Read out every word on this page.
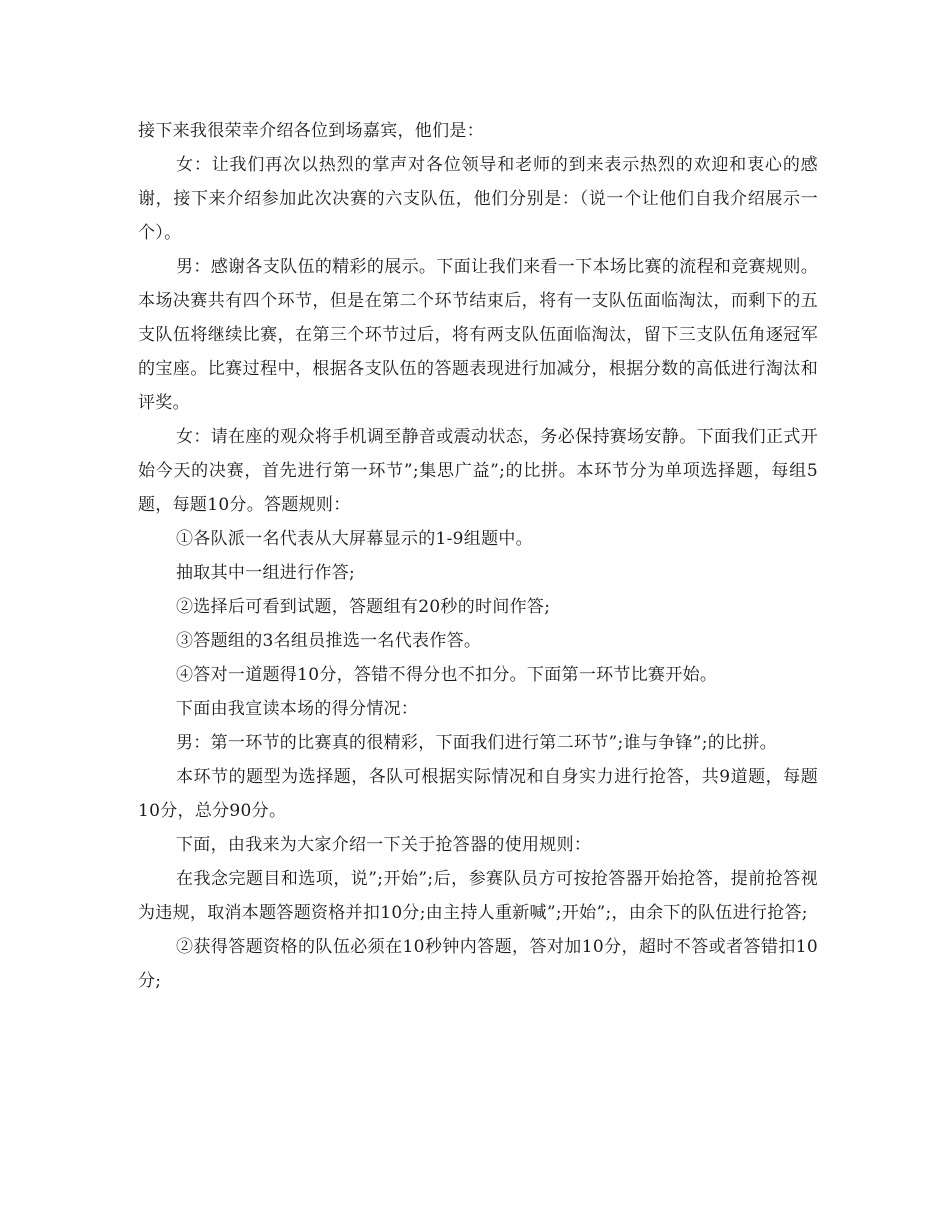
接下来我很荣幸介绍各位到场嘉宾，他们是：

女：让我们再次以热烈的掌声对各位领导和老师的到来表示热烈的欢迎和衷心的感谢，接下来介绍参加此次决赛的六支队伍，他们分别是：（说一个让他们自我介绍展示一个）。

男：感谢各支队伍的精彩的展示。下面让我们来看一下本场比赛的流程和竞赛规则。本场决赛共有四个环节，但是在第二个环节结束后，将有一支队伍面临淘汰，而剩下的五支队伍将继续比赛，在第三个环节过后，将有两支队伍面临淘汰，留下三支队伍角逐冠军的宝座。比赛过程中，根据各支队伍的答题表现进行加减分，根据分数的高低进行淘汰和评奖。

女：请在座的观众将手机调至静音或震动状态，务必保持赛场安静。下面我们正式开始今天的决赛，首先进行第一环节”;集思广益”;的比拼。本环节分为单项选择题，每组5题，每题10分。答题规则：

①各队派一名代表从大屏幕显示的1-9组题中。

抽取其中一组进行作答;

②选择后可看到试题，答题组有20秒的时间作答;

③答题组的3名组员推选一名代表作答。

④答对一道题得10分，答错不得分也不扣分。下面第一环节比赛开始。

下面由我宣读本场的得分情况：

男：第一环节的比赛真的很精彩，下面我们进行第二环节”;谁与争锋”;的比拼。

本环节的题型为选择题，各队可根据实际情况和自身实力进行抢答，共9道题，每题10分，总分90分。

下面，由我来为大家介绍一下关于抢答器的使用规则：

在我念完题目和选项，说”;开始”;后，参赛队员方可按抢答器开始抢答，提前抢答视为违规，取消本题答题资格并扣10分;由主持人重新喊”;开始”;，由余下的队伍进行抢答;

②获得答题资格的队伍必须在10秒钟内答题，答对加10分，超时不答或者答错扣10分;
